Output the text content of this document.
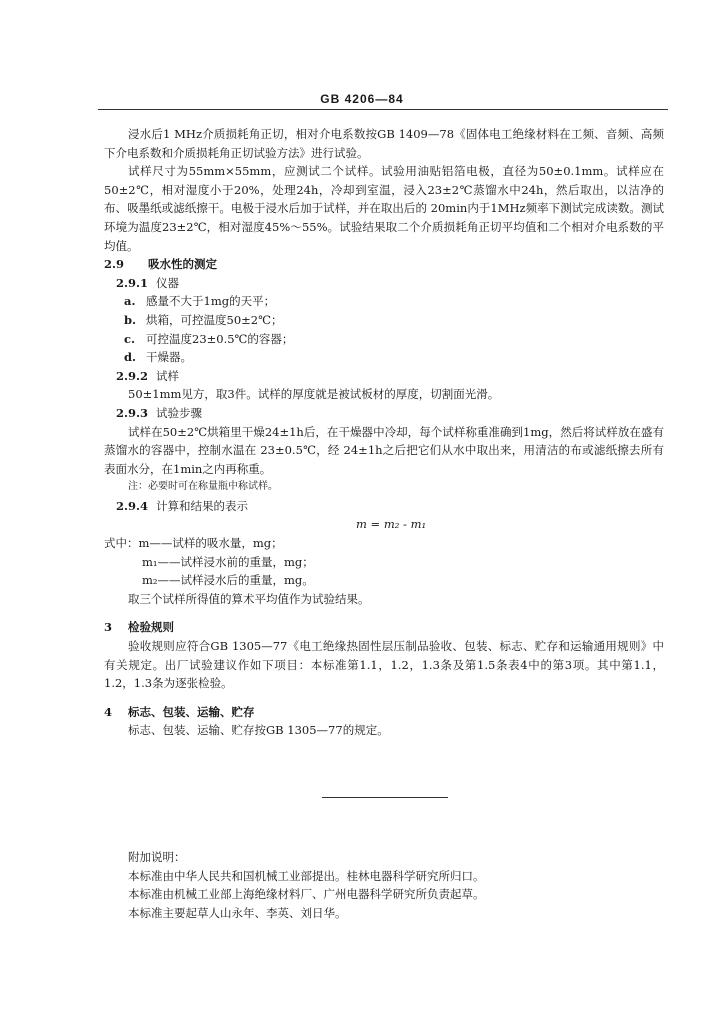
GB 4206—84

浸水后1 MHz介质损耗角正切，相对介电系数按GB 1409—78《固体电工绝缘材料在工频、音频、高频下介电系数和介质损耗角正切试验方法》进行试验。

试样尺寸为55mm×55mm，应测试二个试样。试验用油贴铝箔电极，直径为50±0.1mm。试样应在50±2℃，相对湿度小于20%，处理24h，冷却到室温，浸入23±2℃蒸馏水中24h，然后取出，以洁净的布、吸墨纸或滤纸擦干。电极于浸水后加于试样，并在取出后的 20min内于1MHz频率下测试完成读数。测试环境为温度23±2℃，相对湿度45%～55%。试验结果取二个介质损耗角正切平均值和二个相对介电系数的平均值。

2.9 吸水性的测定

2.9.1 仪器

a. 感量不大于1mg的天平；

b. 烘箱，可控温度50±2℃；

c. 可控温度23±0.5℃的容器；

d. 干燥器。

2.9.2 试样

50±1mm见方，取3件。试样的厚度就是被试板材的厚度，切割面光滑。

2.9.3 试验步骤

试样在50±2℃烘箱里干燥24±1h后，在干燥器中冷却，每个试样称重准确到1mg，然后将试样放在盛有蒸馏水的容器中，控制水温在 23±0.5℃，经 24±1h之后把它们从水中取出来，用清洁的布或滤纸擦去所有表面水分，在1min之内再称重。

注：必要时可在称量瓶中称试样。

2.9.4 计算和结果的表示

m = m₂ - m₁

式中：m——试样的吸水量，mg；

m₁——试样浸水前的重量，mg；

m₂——试样浸水后的重量，mg。

取三个试样所得值的算术平均值作为试验结果。

3 检验规则

验收规则应符合GB 1305—77《电工绝缘热固性层压制品验收、包装、标志、贮存和运输通用规则》中有关规定。出厂试验建议作如下项目：本标准第1.1，1.2，1.3条及第1.5条表4中的第3项。其中第1.1，1.2，1.3条为逐张检验。

4 标志、包装、运输、贮存

标志、包装、运输、贮存按GB 1305—77的规定。

附加说明：

本标准由中华人民共和国机械工业部提出。桂林电器科学研究所归口。

本标准由机械工业部上海绝缘材料厂、广州电器科学研究所负责起草。

本标准主要起草人山永年、李英、刘日华。
